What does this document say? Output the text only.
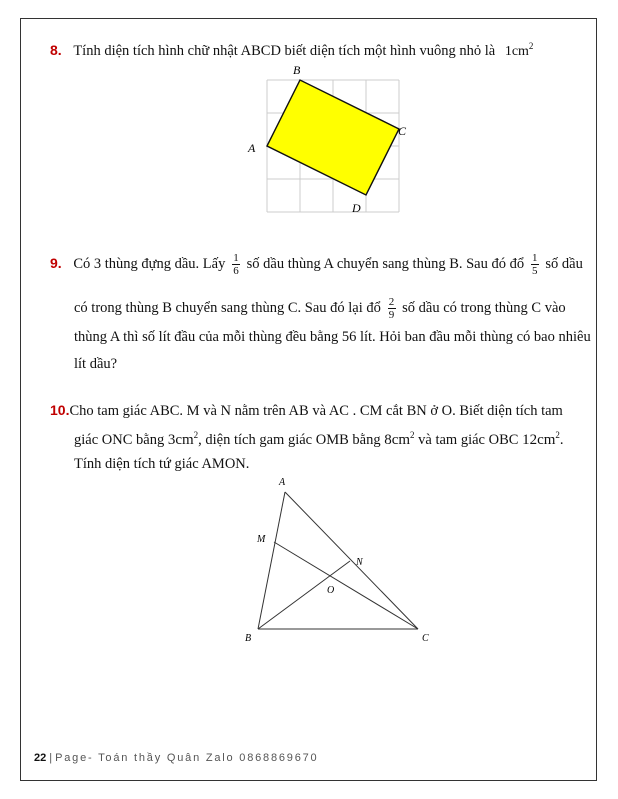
8. Tính diện tích hình chữ nhật ABCD biết diện tích một hình vuông nhỏ là $1cm^2$
A
B
C
D
9. Có 3 thùng đựng dầu. Lấy $\frac{1}{6}$ số dầu thùng A chuyển sang thùng B. Sau đó đổ $\frac{1}{5}$ số dầu
có trong thùng B chuyển sang thùng C. Sau đó lại đổ $\frac{2}{9}$ số dầu có trong thùng C vào
thùng A thì số lít đầu của mỗi thùng đều bằng 56 lít. Hỏi ban đầu mỗi thùng có bao nhiêu
lít dầu?
10.Cho tam giác ABC. M và N nằm trên AB và AC . CM cắt BN ở O. Biết diện tích tam
giác ONC bằng $3cm^2$, diện tích gam giác OMB bằng $8cm^2$ và tam giác OBC $12cm^2$.
Tính diện tích tứ giác AMON.
A
M
N
O
B	C
22 | Page- Toán thầy Quân Zalo 0868869670
